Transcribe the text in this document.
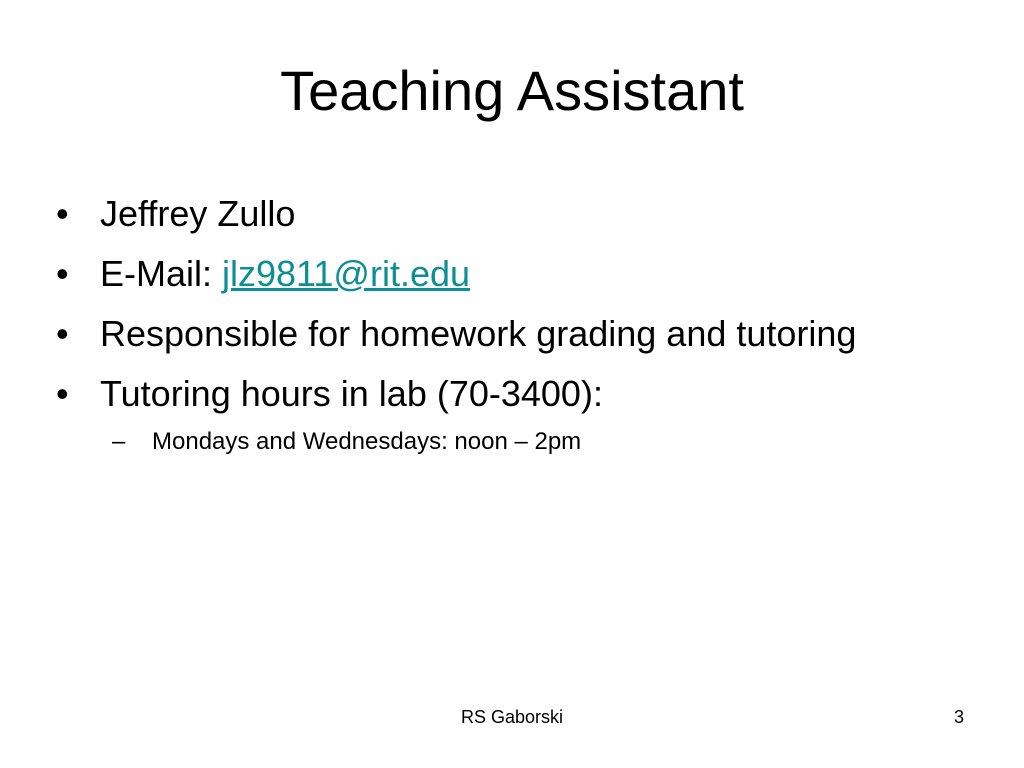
Teaching Assistant
• Jeffrey Zullo
• E-Mail: jlz9811@rit.edu
• Responsible for homework grading and tutoring
• Tutoring hours in lab (70-3400):
– Mondays and Wednesdays: noon – 2pm
RS Gaborski	3
